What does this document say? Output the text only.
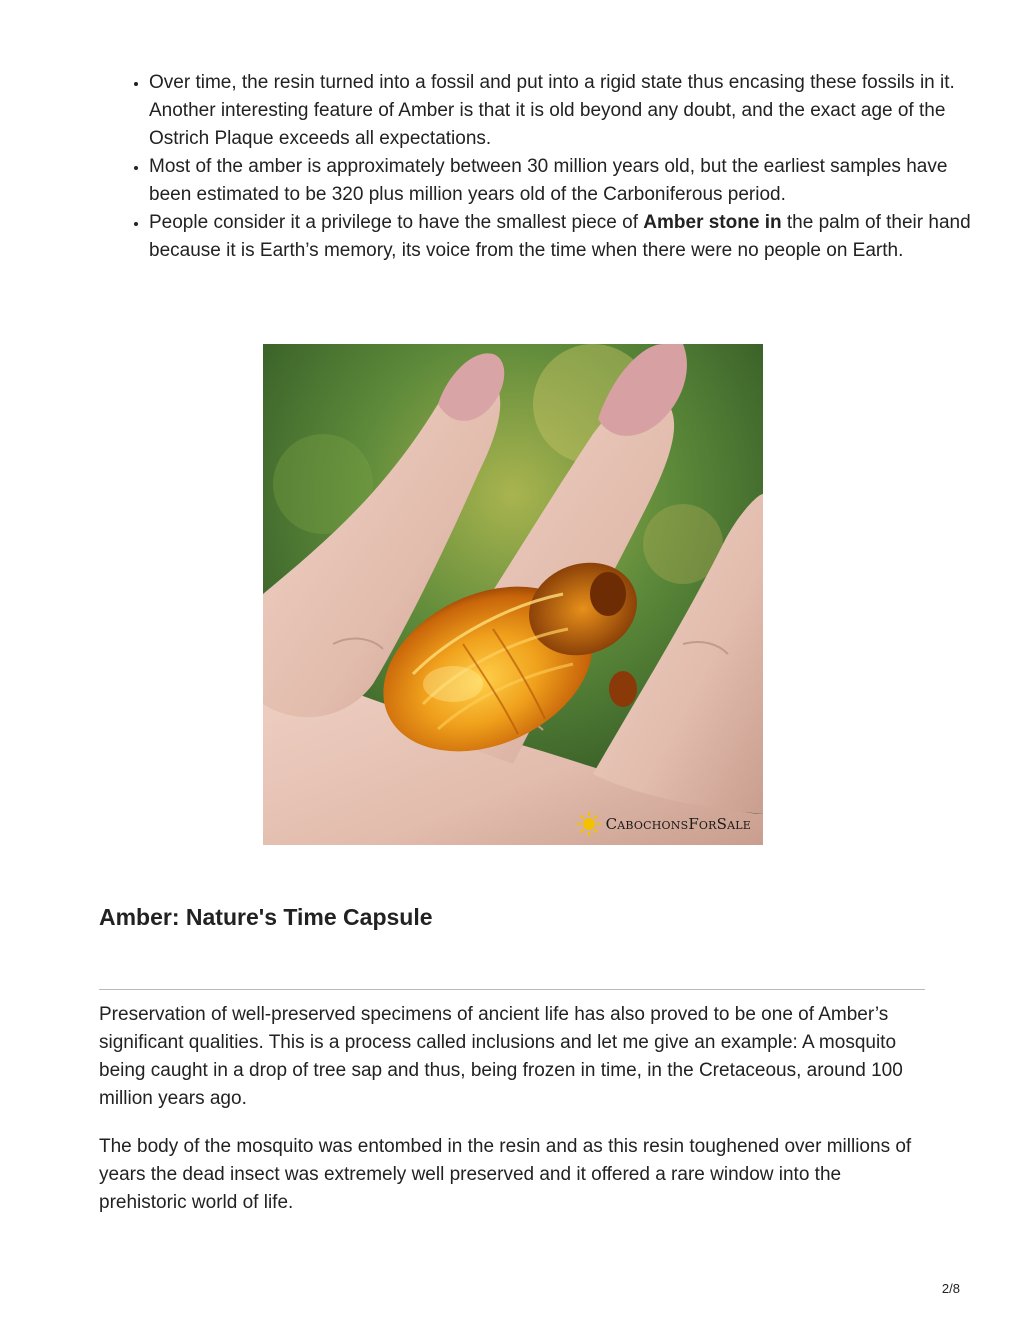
• Over time, the resin turned into a fossil and put into a rigid state thus encasing these fossils in it. Another interesting feature of Amber is that it is old beyond any doubt, and the exact age of the Ostrich Plaque exceeds all expectations.
• Most of the amber is approximately between 30 million years old, but the earliest samples have been estimated to be 320 plus million years old of the Carboniferous period.
• People consider it a privilege to have the smallest piece of Amber stone in the palm of their hand because it is Earth’s memory, its voice from the time when there were no people on Earth.
CabochonsForSale
Amber: Nature's Time Capsule

Preservation of well-preserved specimens of ancient life has also proved to be one of Amber’s significant qualities. This is a process called inclusions and let me give an example: A mosquito being caught in a drop of tree sap and thus, being frozen in time, in the Cretaceous, around 100 million years ago.

The body of the mosquito was entombed in the resin and as this resin toughened over millions of years the dead insect was extremely well preserved and it offered a rare window into the prehistoric world of life.

2/8
